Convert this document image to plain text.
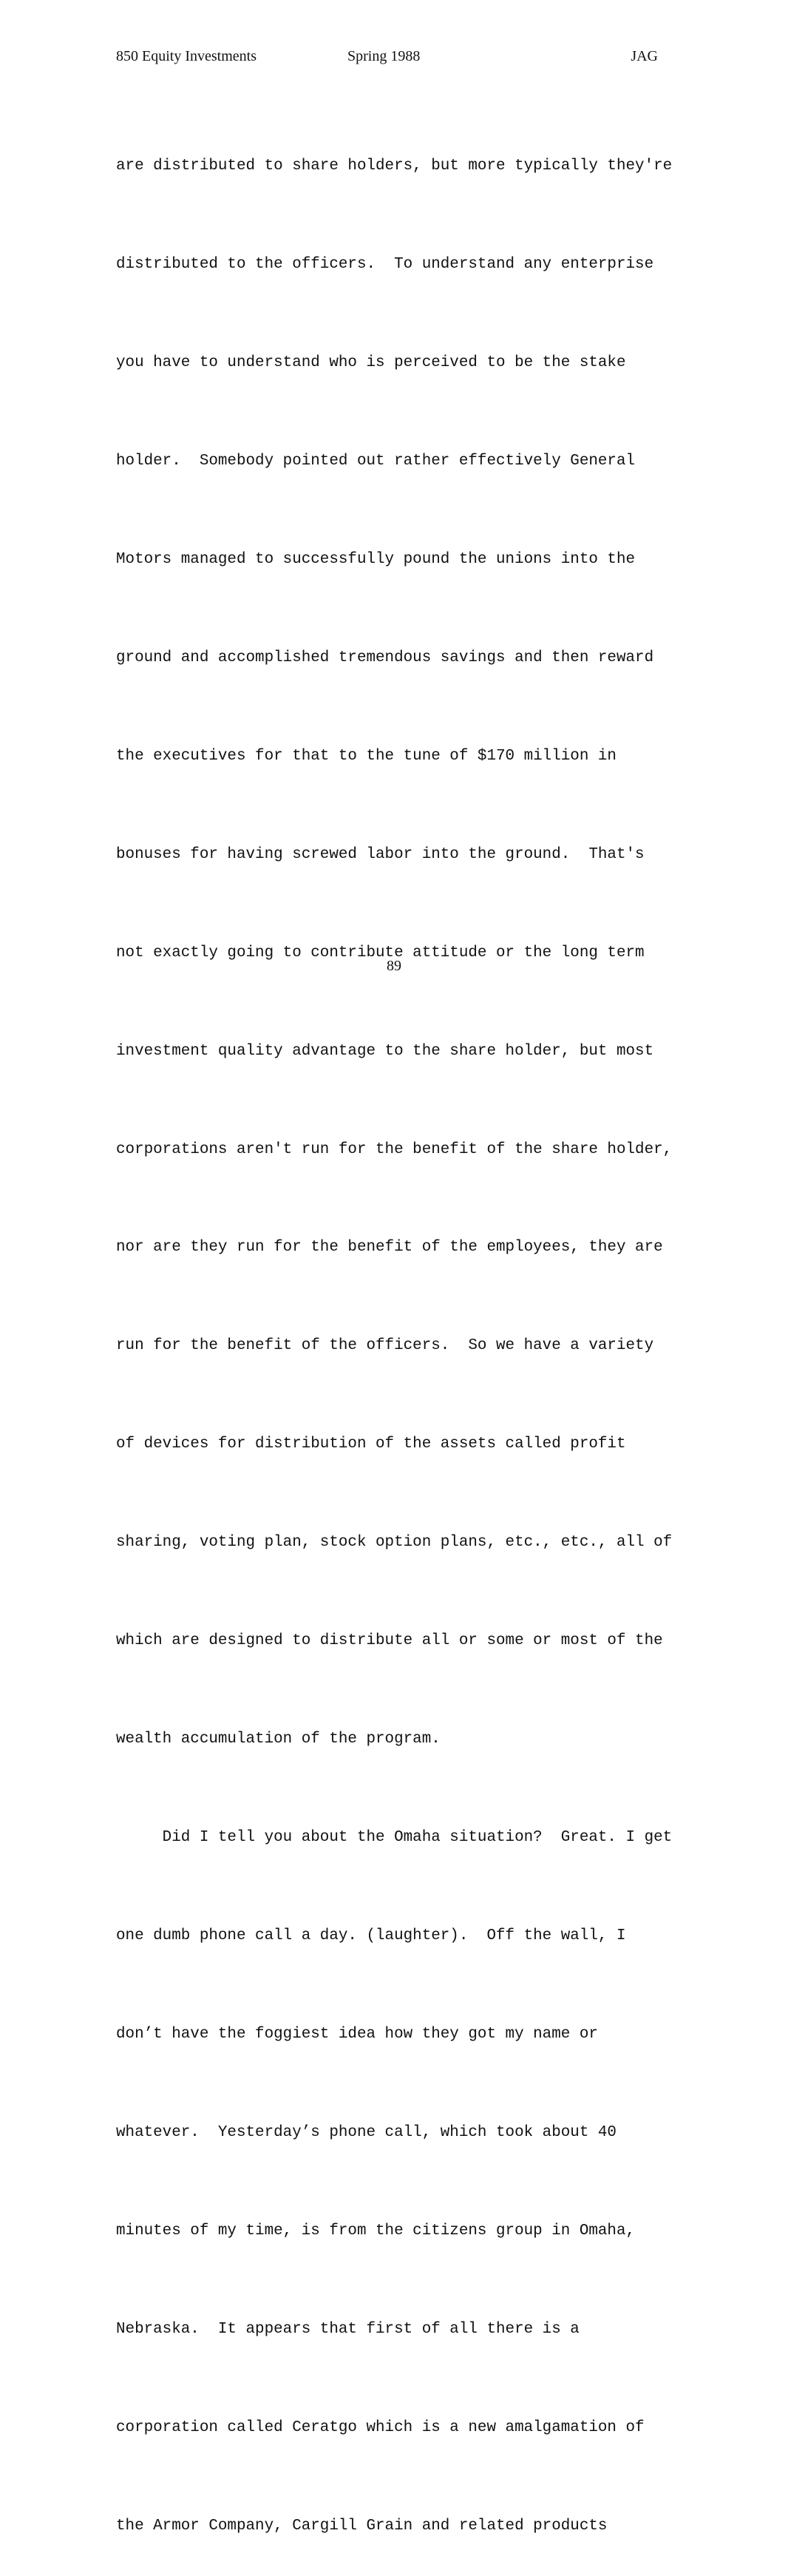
850 Equity Investments	Spring 1988	JAG

are distributed to share holders, but more typically they're

distributed to the officers.  To understand any enterprise

you have to understand who is perceived to be the stake

holder.  Somebody pointed out rather effectively General

Motors managed to successfully pound the unions into the

ground and accomplished tremendous savings and then reward

the executives for that to the tune of $170 million in

bonuses for having screwed labor into the ground.  That's

not exactly going to contribute attitude or the long term

investment quality advantage to the share holder, but most

corporations aren't run for the benefit of the share holder,

nor are they run for the benefit of the employees, they are

run for the benefit of the officers.  So we have a variety

of devices for distribution of the assets called profit

sharing, voting plan, stock option plans, etc., etc., all of

which are designed to distribute all or some or most of the

wealth accumulation of the program.

Did I tell you about the Omaha situation?  Great. I get

one dumb phone call a day. (laughter).  Off the wall, I

don’t have the foggiest idea how they got my name or

whatever.  Yesterday’s phone call, which took about 40

minutes of my time, is from the citizens group in Omaha,

Nebraska.  It appears that first of all there is a

corporation called Ceratgo which is a new amalgamation of

the Armor Company, Cargill Grain and related products

89
